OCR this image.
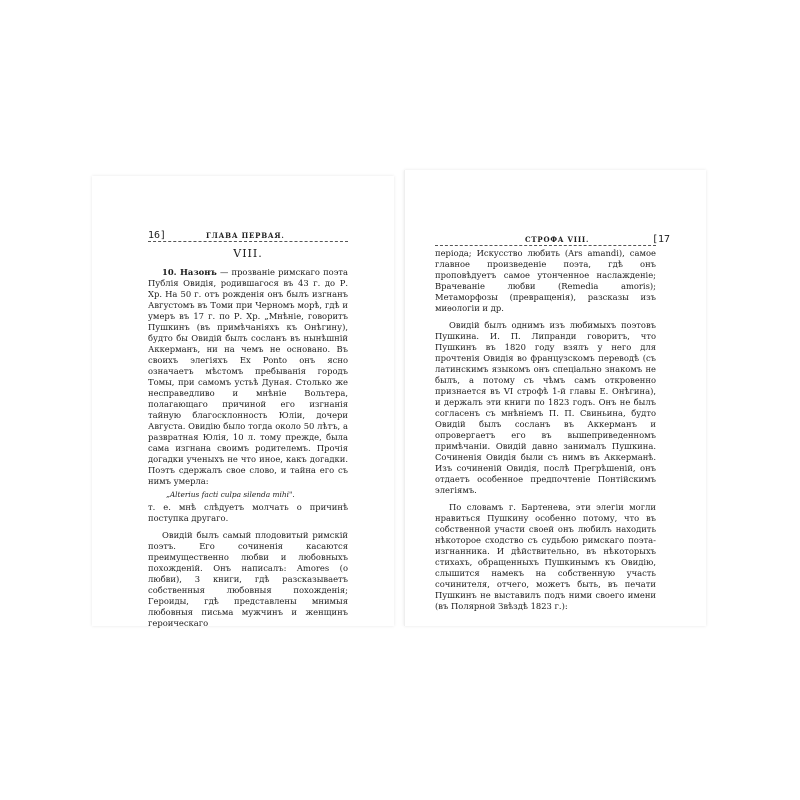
16]	ГЛАВА ПЕРВАЯ.
VIII.

10. Назонъ — прозваніе римскаго поэта Публія Овидія, родившагося въ 43 г. до Р. Хр. На 50 г. отъ рожденія онъ былъ изгнанъ Августомъ въ Томи при Черномъ морѣ, гдѣ и умеръ въ 17 г. по Р. Хр. „Мнѣніе, говоритъ Пушкинъ (въ примѣчаніяхъ къ Онѣгину), будто бы Овидій былъ сосланъ въ нынѣшній Аккерманъ, ни на чемъ не основано. Въ своихъ элегіяхъ Ex Ponto онъ ясно означаетъ мѣстомъ пребыванія городъ Томы, при самомъ устьѣ Дуная. Столько же несправедливо и мнѣніе Вольтера, полагающаго причиной его изгнанія тайную благосклонность Юліи, дочери Августа. Овидію было тогда около 50 лѣтъ, а развратная Юлія, 10 л. тому прежде, была сама изгнана своимъ родителемъ. Прочія догадки ученыхъ не что иное, какъ догадки. Поэтъ сдержалъ свое слово, и тайна его съ нимъ умерла:

„Alterius facti culpa silenda mihi".

т. е. мнѣ слѣдуетъ молчать о причинѣ поступка другаго.

Овидій былъ самый плодовитый римскій поэтъ. Его сочиненія касаются преимущественно любви и любовныхъ похожденій. Онъ написалъ: Amores (о любви), 3 книги, гдѣ разсказываетъ собственныя любовныя похожденія; Героиды, гдѣ представлены мнимыя любовныя письма мужчинъ и женщинъ героическаго

СТРОФА VIII.	[17

періода; Искусство любить (Ars amandi), самое главное произведеніе поэта, гдѣ онъ проповѣдуетъ самое утонченное наслажденіе; Врачеваніе любви (Remedia amoris); Метаморфозы (превращенія), разсказы изъ миѳологіи и др.

Овидій былъ однимъ изъ любимыхъ поэтовъ Пушкина. И. П. Липранди говоритъ, что Пушкинъ въ 1820 году взялъ у него для прочтенія Овидія во французскомъ переводѣ (съ латинскимъ языкомъ онъ спеціально знакомъ не былъ, а потому съ чѣмъ самъ откровенно признается въ VI строфѣ 1-й главы Е. Онѣгина), и держалъ эти книги по 1823 годъ. Онъ не былъ согласенъ съ мнѣніемъ П. П. Свиньина, будто Овидій былъ сосланъ въ Аккерманъ и опровергаетъ его въ вышеприведенномъ примѣчаніи. Овидій давно занималъ Пушкина. Сочиненія Овидія были съ нимъ въ Аккерманѣ. Изъ сочиненій Овидія, послѣ Прегрѣшеній, онъ отдаетъ особенное предпочтеніе Понтійскимъ элегіямъ.

По словамъ г. Бартенева, эти элегіи могли нравиться Пушкину особенно потому, что въ собственной участи своей онъ любилъ находить нѣкоторое сходство съ судьбою римскаго поэта-изгнанника. И дѣйствительно, въ нѣкоторыхъ стихахъ, обращенныхъ Пушкинымъ къ Овидію, слышится намекъ на собственную участь сочинителя, отчего, можетъ быть, въ печати Пушкинъ не выставилъ подъ ними своего имени (въ Полярной Звѣздѣ 1823 г.):
